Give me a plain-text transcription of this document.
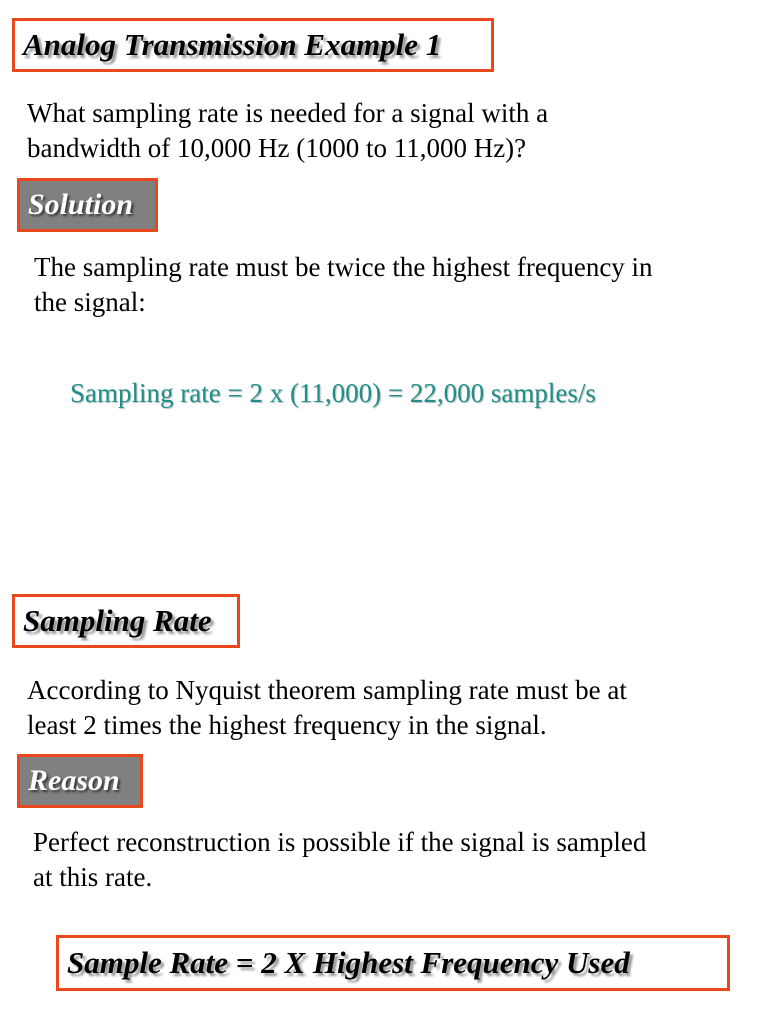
Analog Transmission Example 1
What sampling rate is needed for a signal with a
bandwidth of 10,000 Hz (1000 to 11,000 Hz)?
Solution
The sampling rate must be twice the highest frequency in
the signal:
Sampling rate = 2 x (11,000) = 22,000 samples/s
Sampling Rate
According to Nyquist theorem sampling rate must be at
least 2 times the highest frequency in the signal.
Reason
Perfect reconstruction is possible if the signal is sampled
at this rate.
Sample Rate = 2 X Highest Frequency Used
